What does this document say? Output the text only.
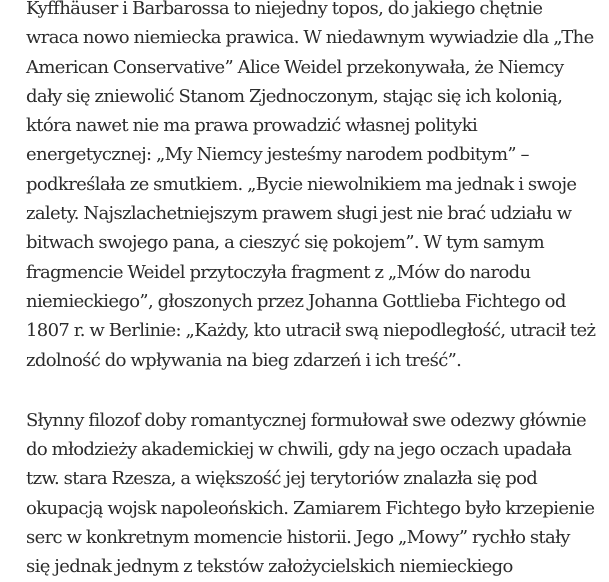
Kyffhäuser i Barbarossa to niejedny topos, do jakiego chętnie
wraca nowo niemiecka prawica. W niedawnym wywiadzie dla „The
American Conservative” Alice Weidel przekonywała, że Niemcy
dały się zniewolić Stanom Zjednoczonym, stając się ich kolonią,
która nawet nie ma prawa prowadzić własnej polityki
energetycznej: „My Niemcy jesteśmy narodem podbitym” –
podkreślała ze smutkiem. „Bycie niewolnikiem ma jednak i swoje
zalety. Najszlachetniejszym prawem sługi jest nie brać udziału w
bitwach swojego pana, a cieszyć się pokojem”. W tym samym
fragmencie Weidel przytoczyła fragment z „Mów do narodu
niemieckiego”, głoszonych przez Johanna Gottlieba Fichtego od
1807 r. w Berlinie: „Każdy, kto utracił swą niepodległość, utracił też
zdolność do wpływania na bieg zdarzeń i ich treść”.

Słynny filozof doby romantycznej formułował swe odezwy głównie
do młodzieży akademickiej w chwili, gdy na jego oczach upadała
tzw. stara Rzesza, a większość jej terytoriów znalazła się pod
okupacją wojsk napoleońskich. Zamiarem Fichtego było krzepienie
serc w konkretnym momencie historii. Jego „Mowy” rychło stały
się jednak jednym z tekstów założycielskich niemieckiego
